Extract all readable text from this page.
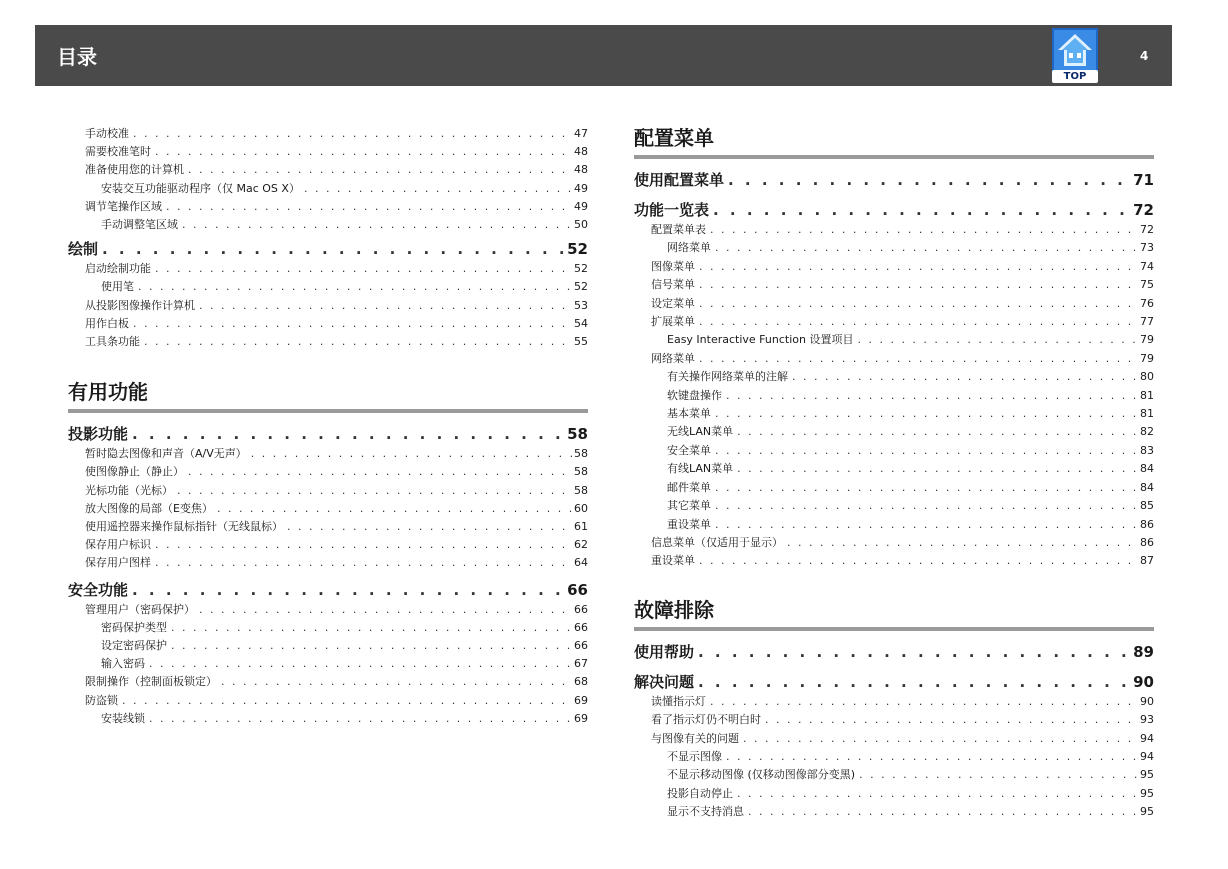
目录
TOP
4
手动校准 . . .	47
需要校准笔时 . . .	48
准备使用您的计算机 . . .	48
安装交互功能驱动程序（仅 Mac OS X） . . .	49
调节笔操作区域 . . .	49
手动调整笔区域 . . .	50
绘制 . . .	52
启动绘制功能 . . .	52
使用笔 . . .	52
从投影图像操作计算机 . . .	53
用作白板 . . .	54
工具条功能 . . .	55
有用功能
投影功能 . . .	58
暂时隐去图像和声音（A/V无声） . . .	58
使图像静止（静止） . . .	58
光标功能（光标） . . .	58
放大图像的局部（E变焦） . . .	60
使用遥控器来操作鼠标指针（无线鼠标） . . .	61
保存用户标识 . . .	62
保存用户图样 . . .	64
安全功能 . . .	66
管理用户（密码保护） . . .	66
密码保护类型 . . .	66
设定密码保护 . . .	66
输入密码 . . .	67
限制操作（控制面板锁定） . . .	68
防盗锁 . . .	69
安装线锁 . . .	69
配置菜单
使用配置菜单 . . .	71
功能一览表 . . .	72
配置菜单表 . . .	72
网络菜单 . . .	73
图像菜单 . . .	74
信号菜单 . . .	75
设定菜单 . . .	76
扩展菜单 . . .	77
Easy Interactive Function 设置项目 . . .	79
网络菜单 . . .	79
有关操作网络菜单的注解 . . .	80
软键盘操作 . . .	81
基本菜单 . . .	81
无线LAN菜单 . . .	82
安全菜单 . . .	83
有线LAN菜单 . . .	84
邮件菜单 . . .	84
其它菜单 . . .	85
重设菜单 . . .	86
信息菜单（仅适用于显示） . . .	86
重设菜单 . . .	87
故障排除
使用帮助 . . .	89
解决问题 . . .	90
读懂指示灯 . . .	90
看了指示灯仍不明白时 . . .	93
与图像有关的问题 . . .	94
不显示图像 . . .	94
不显示移动图像 (仅移动图像部分变黑) . . .	95
投影自动停止 . . .	95
显示不支持消息 . . .	95
